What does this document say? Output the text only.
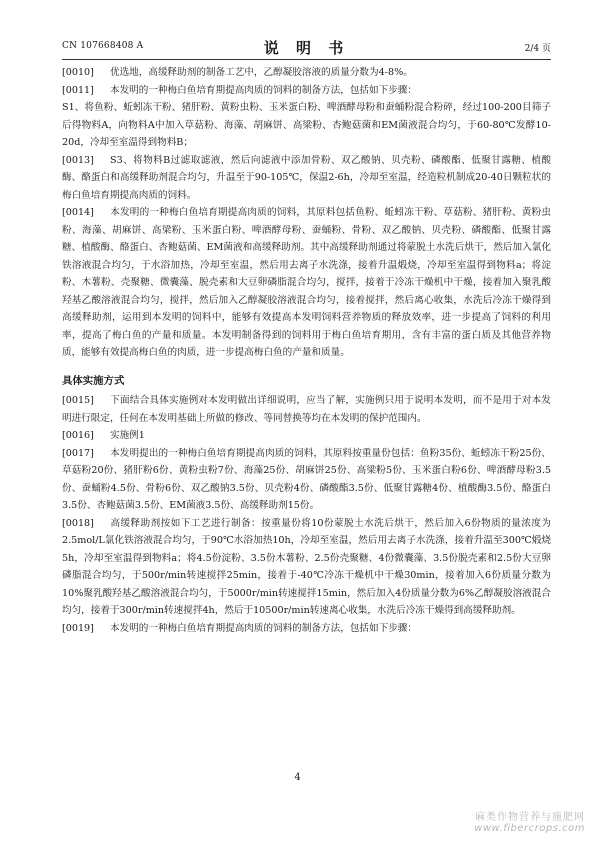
CN 107668408 A	说 明 书	2/4 页

[0010] 优选地，高缓释助剂的制备工艺中，乙醇凝胶溶液的质量分数为4-8%。

[0011] 本发明的一种梅白鱼培育期提高肉质的饲料的制备方法，包括如下步骤：
S1、将鱼粉、蚯蚓冻干粉、猪肝粉、黄粉虫粉、玉米蛋白粉、啤酒酵母粉和蚕蛹粉混合粉碎，经过100-200目筛子后得物料A，向物料A中加入草菇粉、海藻、胡麻饼、高梁粉、杏鲍菇菌和EM菌液混合均匀，于60-80℃发酵10-20d，冷却至室温得到物料B；

[0013] S3、将物料B过滤取滤液，然后向滤液中添加骨粉、双乙酸钠、贝壳粉、磷酸酯、低聚甘露糖、植酸酶、酪蛋白和高缓释助剂混合均匀，升温至于90-105℃，保温2-6h，冷却至室温，经造粒机制成20-40日颗粒状的梅白鱼培育期提高肉质的饲料。

[0014] 本发明的一种梅白鱼培育期提高肉质的饲料，其原料包括鱼粉、蚯蚓冻干粉、草菇粉、猪肝粉、黄粉虫粉、海藻、胡麻饼、高梁粉、玉米蛋白粉、啤酒酵母粉、蚕蛹粉、骨粉、双乙酸钠、贝壳粉、磷酸酯、低聚甘露糖、植酸酶、酪蛋白、杏鲍菇菌、EM菌液和高缓释助剂。其中高缓释助剂通过将蒙脱土水洗后烘干，然后加入氯化铁溶液混合均匀，于水浴加热，冷却至室温，然后用去离子水洗涤，接着升温煅烧，冷却至室温得到物料a；将淀粉、木薯粉、壳聚糖、微囊藻、脱壳素和大豆卵磷脂混合均匀，搅拌，接着于冷冻干燥机中干燥，接着加入聚乳酸羟基乙酸溶液混合均匀，搅拌，然后加入乙醇凝胶溶液混合均匀，接着搅拌，然后离心收集，水洗后冷冻干燥得到高缓释助剂，运用到本发明的饲料中，能够有效提高本发明饲料营养物质的释放效率，进一步提高了饲料的利用率，提高了梅白鱼的产量和质量。本发明制备得到的饲料用于梅白鱼培育期用，含有丰富的蛋白质及其他营养物质，能够有效提高梅白鱼的肉质，进一步提高梅白鱼的产量和质量。

具体实施方式

[0015] 下面结合具体实施例对本发明做出详细说明，应当了解，实施例只用于说明本发明，而不是用于对本发明进行限定，任何在本发明基础上所做的修改、等同替换等均在本发明的保护范围内。

[0016] 实施例1

[0017] 本发明提出的一种梅白鱼培育期提高肉质的饲料，其原料按重量份包括：鱼粉35份、蚯蚓冻干粉25份、草菇粉20份、猪肝粉6份、黄粉虫粉7份、海藻25份、胡麻饼25份、高梁粉5份、玉米蛋白粉6份、啤酒酵母粉3.5份、蚕蛹粉4.5份、骨粉6份、双乙酸钠3.5份、贝壳粉4份、磷酸酯3.5份、低聚甘露糖4份、植酸酶3.5份、酪蛋白3.5份、杏鲍菇菌3.5份、EM菌液3.5份、高缓释助剂15份。

[0018] 高缓释助剂按如下工艺进行制备：按重量份将10份蒙脱土水洗后烘干，然后加入6份物质的量浓度为2.5mol/L氯化铁溶液混合均匀，于90℃水浴加热10h，冷却至室温，然后用去离子水洗涤，接着升温至300℃煅烧5h，冷却至室温得到物料a；将4.5份淀粉、3.5份木薯粉、2.5份壳聚糖、4份微囊藻、3.5份脱壳素和2.5份大豆卵磷脂混合均匀，于500r/min转速搅拌25min，接着于-40℃冷冻干燥机中干燥30min，接着加入6份质量分数为10%聚乳酸羟基乙酸溶液混合均匀，于5000r/min转速搅拌15min，然后加入4份质量分数为6%乙醇凝胶溶液混合均匀，接着于300r/min转速搅拌4h，然后于10500r/min转速离心收集，水洗后冷冻干燥得到高缓释助剂。

[0019] 本发明的一种梅白鱼培育期提高肉质的饲料的制备方法，包括如下步骤：

4
麻类作物营养与施肥网
www.fibercrops.com
